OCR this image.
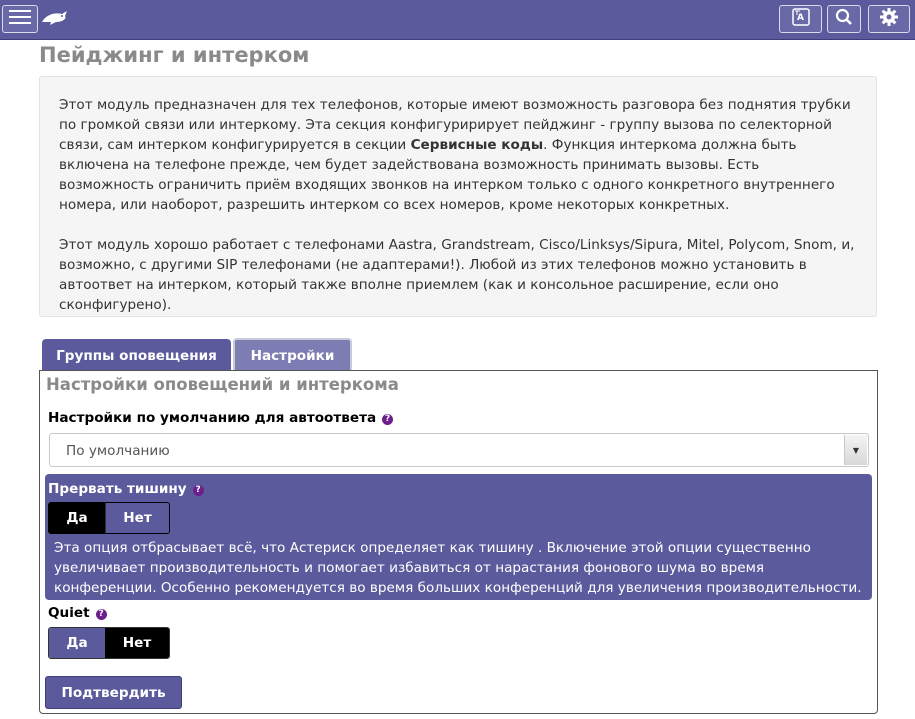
A
Пейджинг и интерком

Этот модуль предназначен для тех телефонов, которые имеют возможность разговора без поднятия трубки по громкой связи или интеркому. Эта секция конфигуририрует пейджинг - группу вызова по селекторной связи, сам интерком конфигурируется в секции Сервисные коды. Функция интеркома должна быть включена на телефоне прежде, чем будет задействована возможность принимать вызовы. Есть возможность ограничить приём входящих звонков на интерком только с одного конкретного внутреннего номера, или наоборот, разрешить интерком со всех номеров, кроме некоторых конкретных.

Этот модуль хорошо работает с телефонами Aastra, Grandstream, Cisco/Linksys/Sipura, Mitel, Polycom, Snom, и, возможно, с другими SIP телефонами (не адаптерами!). Любой из этих телефонов можно установить в автоответ на интерком, который также вполне приемлем (как и консольное расширение, если оно сконфигурено).

Группы оповещения	Настройки
Настройки оповещений и интеркома
Настройки по умолчанию для автоответа ?
По умолчанию	▼
Прервать тишину ?
Да	Нет
Эта опция отбрасывает всё, что Астериск определяет как тишину . Включение этой опции существенно увеличивает производительность и помогает избавиться от нарастания фонового шума во время конференции. Особенно рекомендуется во время больших конференций для увеличения производительности.
Quiet ?
Да	Нет
Подтвердить
